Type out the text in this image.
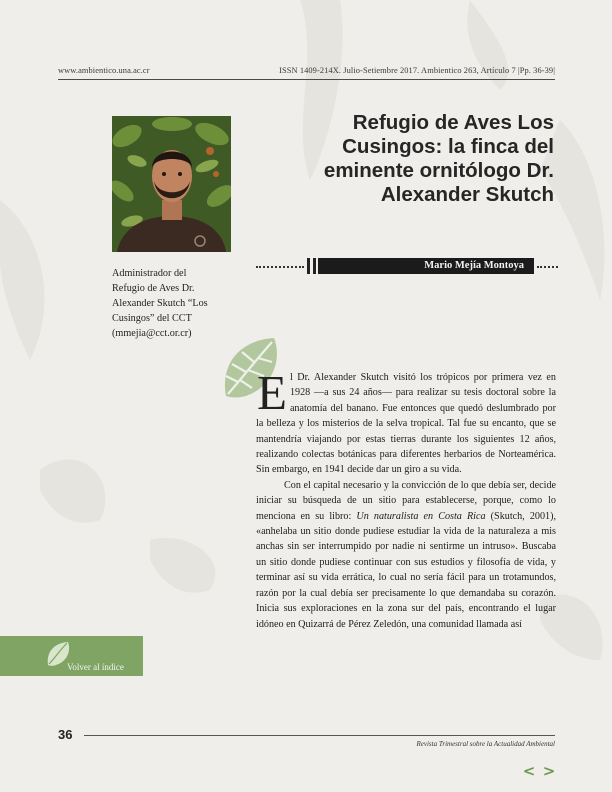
www.ambientico.una.ac.cr	ISSN 1409-214X. Julio-Setiembre 2017. Ambientico 263, Artículo 7 |Pp. 36-39|
Refugio de Aves Los
Cusingos: la finca del
eminente ornitólogo Dr.
Alexander Skutch
Administrador del
Refugio de Aves Dr.
Alexander Skutch “Los
Cusingos” del CCT
(mmejia@cct.or.cr)
Mario Mejía Montoya

El Dr. Alexander Skutch visitó los trópicos por primera vez en 1928 —a sus 24 años— para realizar su tesis doctoral sobre la anatomía del banano. Fue entonces que quedó deslumbrado por la belleza y los misterios de la selva tropical. Tal fue su encanto, que se mantendría viajando por estas tierras durante los siguientes 12 años, realizando colectas botánicas para diferentes herbarios de Norteamérica. Sin embargo, en 1941 decide dar un giro a su vida.

Con el capital necesario y la convicción de lo que debía ser, decide iniciar su búsqueda de un sitio para establecerse, porque, como lo menciona en su libro: Un naturalista en Costa Rica (Skutch, 2001), «anhelaba un sitio donde pudiese estudiar la vida de la naturaleza a mis anchas sin ser interrumpido por nadie ni sentirme un intruso». Buscaba un sitio donde pudiese continuar con sus estudios y filosofía de vida, y terminar así su vida errática, lo cual no sería fácil para un trotamundos, razón por la cual debía ser precisamente lo que demandaba su corazón. Inicia sus exploraciones en la zona sur del país, encontrando el lugar idóneo en Quizarrá de Pérez Zeledón, una comunidad llamada así

Volver al índice
36
Revista Trimestral sobre la Actualidad Ambiental
< >
